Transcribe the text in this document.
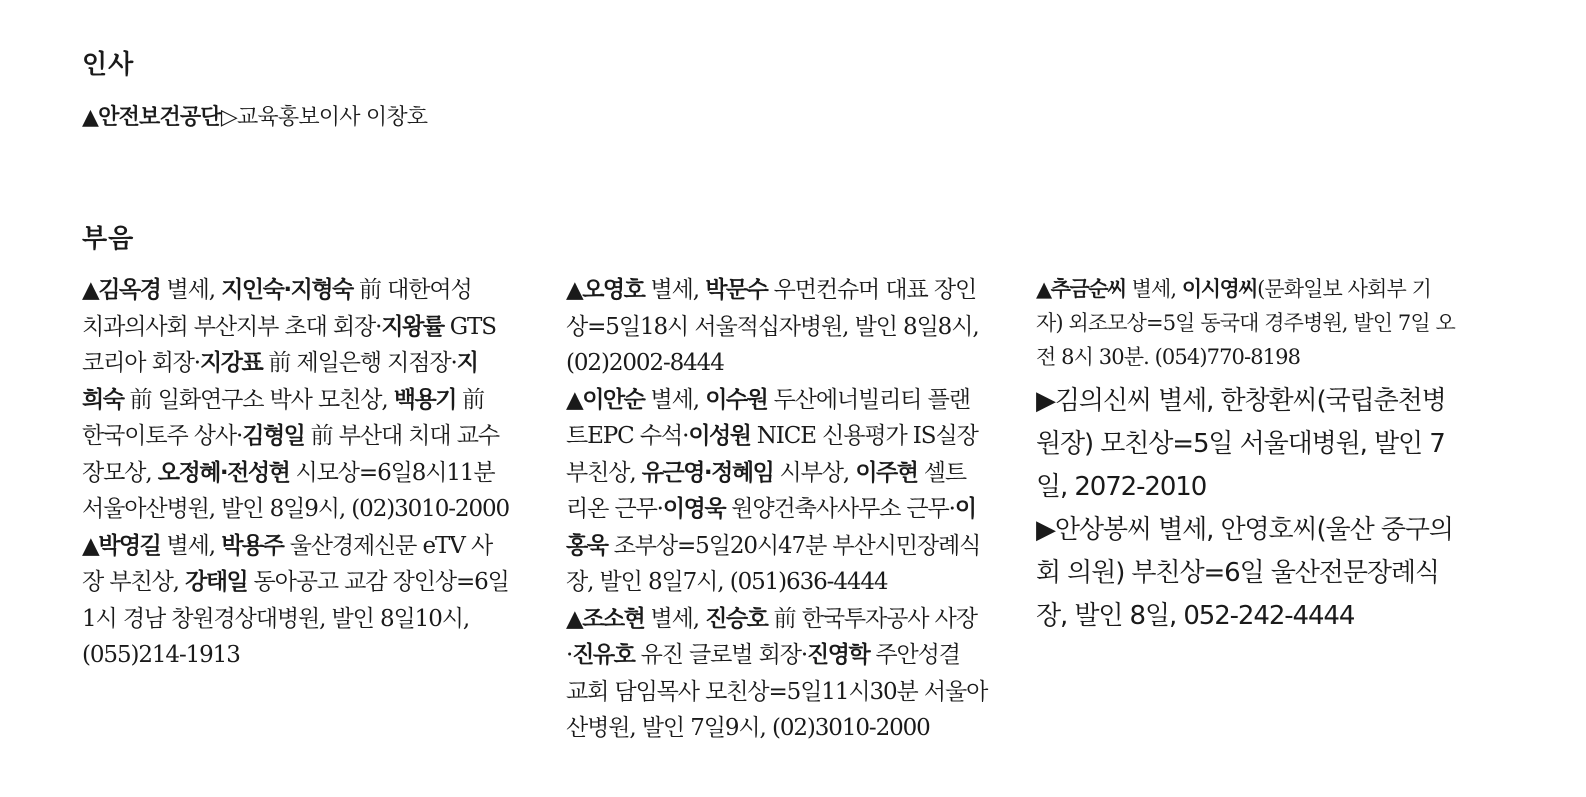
인사
▲안전보건공단▷교육홍보이사 이창호
부음
▲김옥경 별세, 지인숙·지형숙 前 대한여성
치과의사회 부산지부 초대 회장·지왕률 GTS
코리아 회장·지강표 前 제일은행 지점장·지
희숙 前 일화연구소 박사 모친상, 백용기 前
한국이토주 상사·김형일 前 부산대 치대 교수
장모상, 오정혜·전성현 시모상=6일8시11분
서울아산병원, 발인 8일9시, (02)3010-2000
▲박영길 별세, 박용주 울산경제신문 eTV 사
장 부친상, 강태일 동아공고 교감 장인상=6일
1시 경남 창원경상대병원, 발인 8일10시,
(055)214-1913
▲오영호 별세, 박문수 우먼컨슈머 대표 장인
상=5일18시 서울적십자병원, 발인 8일8시,
(02)2002-8444
▲이안순 별세, 이수원 두산에너빌리티 플랜
트EPC 수석·이성원 NICE 신용평가 IS실장
부친상, 유근영·정혜임 시부상, 이주현 셀트
리온 근무·이영욱 원양건축사사무소 근무·이
홍욱 조부상=5일20시47분 부산시민장례식
장, 발인 8일7시, (051)636-4444
▲조소현 별세, 진승호 前 한국투자공사 사장
·진유호 유진 글로벌 회장·진영학 주안성결
교회 담임목사 모친상=5일11시30분 서울아
산병원, 발인 7일9시, (02)3010-2000
▲추금순씨 별세, 이시영씨(문화일보 사회부 기
자) 외조모상=5일 동국대 경주병원, 발인 7일 오
전 8시 30분. (054)770-8198
▶김의신씨 별세, 한창환씨(국립춘천병
원장) 모친상=5일 서울대병원, 발인 7
일, 2072-2010
▶안상봉씨 별세, 안영호씨(울산 중구의
회 의원) 부친상=6일 울산전문장례식
장, 발인 8일, 052-242-4444
